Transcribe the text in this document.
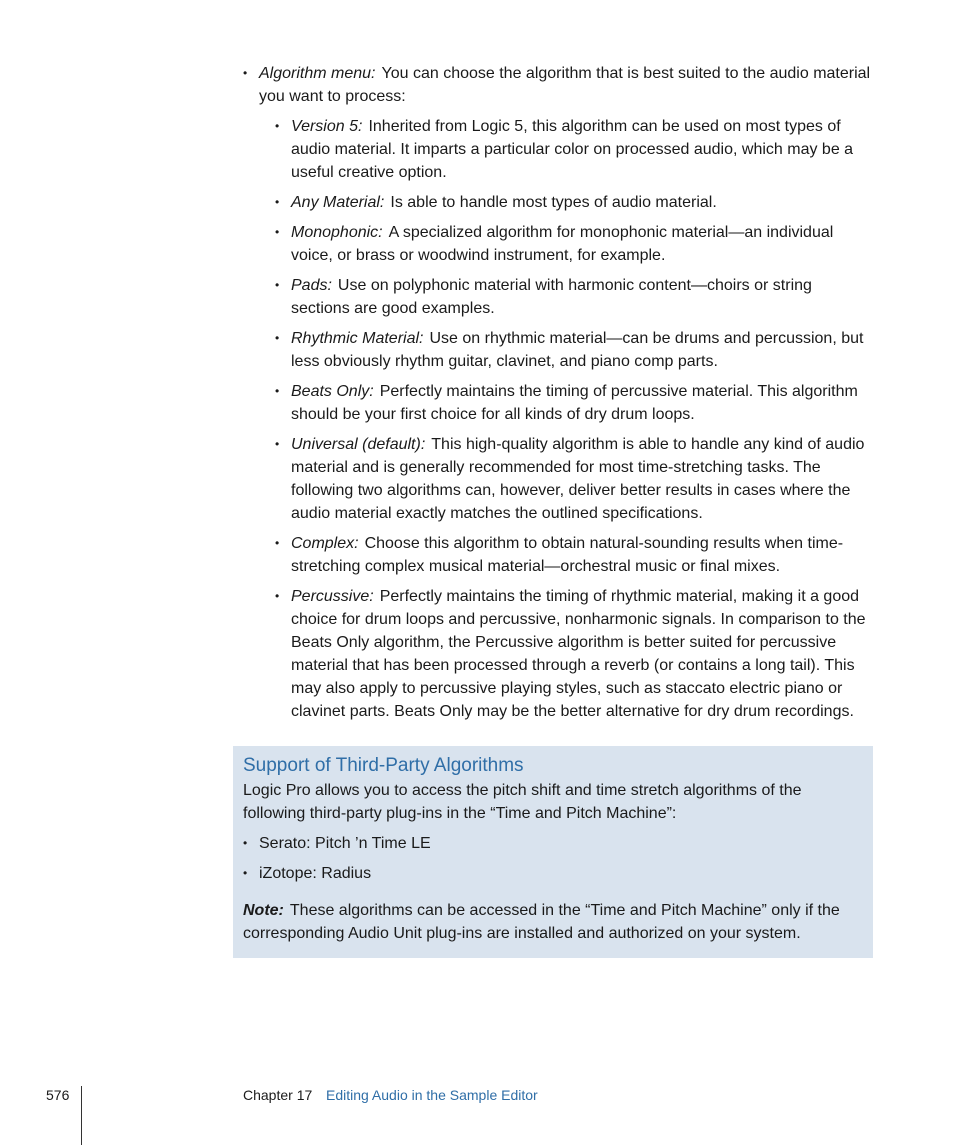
• Algorithm menu: You can choose the algorithm that is best suited to the audio material you want to process:
• Version 5: Inherited from Logic 5, this algorithm can be used on most types of audio material. It imparts a particular color on processed audio, which may be a useful creative option.
• Any Material: Is able to handle most types of audio material.
• Monophonic: A specialized algorithm for monophonic material—an individual voice, or brass or woodwind instrument, for example.
• Pads: Use on polyphonic material with harmonic content—choirs or string sections are good examples.
• Rhythmic Material: Use on rhythmic material—can be drums and percussion, but less obviously rhythm guitar, clavinet, and piano comp parts.
• Beats Only: Perfectly maintains the timing of percussive material. This algorithm should be your first choice for all kinds of dry drum loops.
• Universal (default): This high-quality algorithm is able to handle any kind of audio material and is generally recommended for most time-stretching tasks. The following two algorithms can, however, deliver better results in cases where the audio material exactly matches the outlined specifications.
• Complex: Choose this algorithm to obtain natural-sounding results when time-stretching complex musical material—orchestral music or final mixes.
• Percussive: Perfectly maintains the timing of rhythmic material, making it a good choice for drum loops and percussive, nonharmonic signals. In comparison to the Beats Only algorithm, the Percussive algorithm is better suited for percussive material that has been processed through a reverb (or contains a long tail). This may also apply to percussive playing styles, such as staccato electric piano or clavinet parts. Beats Only may be the better alternative for dry drum recordings.
Support of Third-Party Algorithms

Logic Pro allows you to access the pitch shift and time stretch algorithms of the following third-party plug-ins in the “Time and Pitch Machine”:

• Serato: Pitch ’n Time LE
• iZotope: Radius

Note: These algorithms can be accessed in the “Time and Pitch Machine” only if the corresponding Audio Unit plug-ins are installed and authorized on your system.

576	Chapter 17 Editing Audio in the Sample Editor
